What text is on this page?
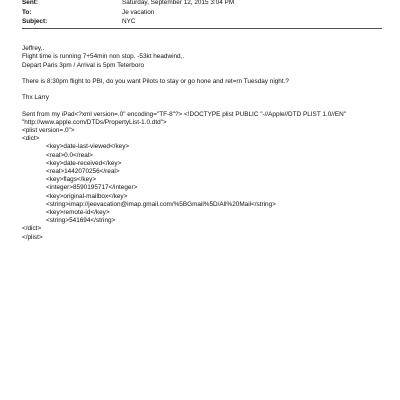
Sent:	Saturday, September 12, 2015 3:04 PM
To:	Je vacation
Subject:	NYC
Jeffrey,.
Flight time is running 7+54min non stop. -53kt headwind,.
Depart Paris 3pm / Arrival is 5pm Teterboro
There is 8:30pm flight to PBI, do you want Pilots to stay or go hone and ret=rn Tuesday night.?
Thx Larry
Sent from my iPad<?xml version=.0" encoding="TF-8"?> <!DOCTYPE plist PUBLIC "-//Apple//DTD PLIST 1.0//EN"
"http://www.apple.com/DTDs/PropertyList-1.0.dtd">
<plist version=.0">
<dict>
<key>date-last-viewed</key>
<real>0.0</real>
<key>date-received</key>
<real>1442070256</real>
<key>flags</key>
<integer>8590195717</integer>
<key>original-mailbox</key>
<string>imap://jeevacation@imap.gmail.com/%5BGmail%5D/All%20Mail</string>
<key>remote-id</key>
<string>541694</string>
</dict>
</plist>
